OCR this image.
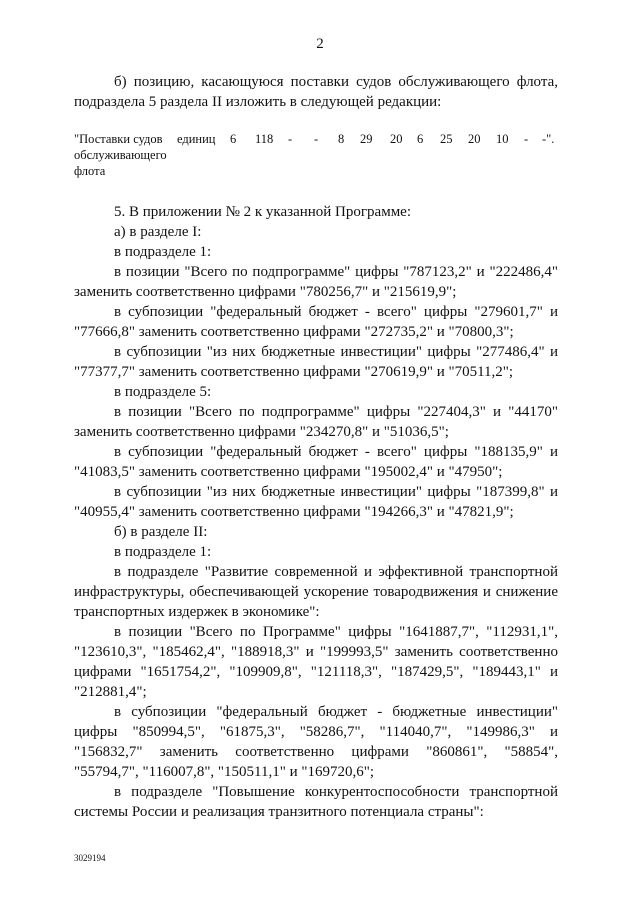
2

б) позицию, касающуюся поставки судов обслуживающего флота, подраздела 5 раздела II изложить в следующей редакции:

"Поставки судов обслуживающего флота
единиц 6 118 - - 8 29 20 6 25 20 10 - -".

5. В приложении № 2 к указанной Программе:

а) в разделе I:

в подразделе 1:

в позиции "Всего по подпрограмме" цифры "787123,2" и "222486,4" заменить соответственно цифрами "780256,7" и "215619,9";

в субпозиции "федеральный бюджет - всего" цифры "279601,7" и "77666,8" заменить соответственно цифрами "272735,2" и "70800,3";

в субпозиции "из них бюджетные инвестиции" цифры "277486,4" и "77377,7" заменить соответственно цифрами "270619,9" и "70511,2";

в подразделе 5:

в позиции "Всего по подпрограмме" цифры "227404,3" и "44170" заменить соответственно цифрами "234270,8" и "51036,5";

в субпозиции "федеральный бюджет - всего" цифры "188135,9" и "41083,5" заменить соответственно цифрами "195002,4" и "47950";

в субпозиции "из них бюджетные инвестиции" цифры "187399,8" и "40955,4" заменить соответственно цифрами "194266,3" и "47821,9";

б) в разделе II:

в подразделе 1:

в подразделе "Развитие современной и эффективной транспортной инфраструктуры, обеспечивающей ускорение товародвижения и снижение транспортных издержек в экономике":

в позиции "Всего по Программе" цифры "1641887,7", "112931,1", "123610,3", "185462,4", "188918,3" и "199993,5" заменить соответственно цифрами "1651754,2", "109909,8", "121118,3", "187429,5", "189443,1" и "212881,4";

в субпозиции "федеральный бюджет - бюджетные инвестиции" цифры "850994,5", "61875,3", "58286,7", "114040,7", "149986,3" и "156832,7" заменить соответственно цифрами "860861", "58854", "55794,7", "116007,8", "150511,1" и "169720,6";

в подразделе "Повышение конкурентоспособности транспортной системы России и реализация транзитного потенциала страны":

3029194
